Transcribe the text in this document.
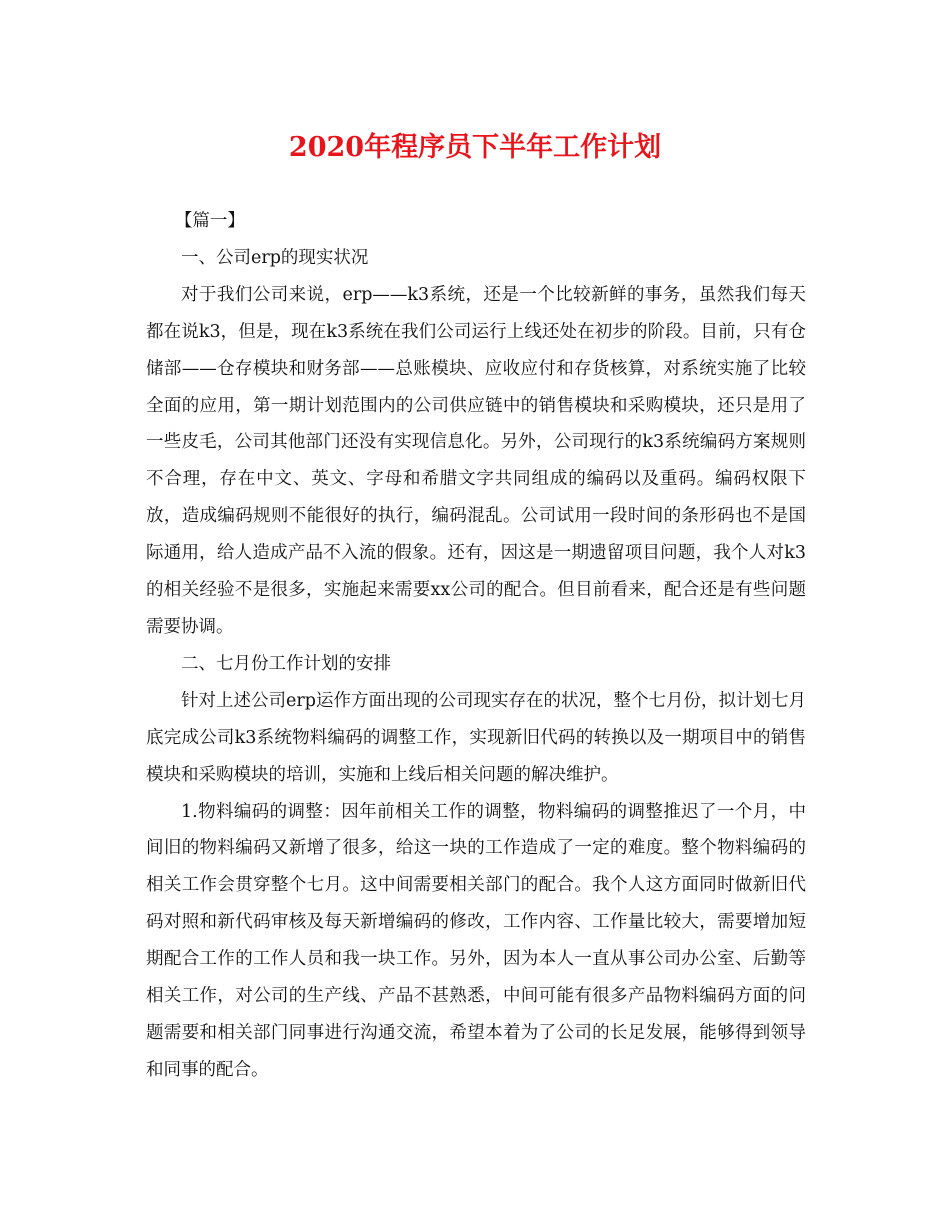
2020年程序员下半年工作计划

【篇一】

一、公司erp的现实状况

对于我们公司来说，erp——k3系统，还是一个比较新鲜的事务，虽然我们每天都在说k3，但是，现在k3系统在我们公司运行上线还处在初步的阶段。目前，只有仓储部——仓存模块和财务部——总账模块、应收应付和存货核算，对系统实施了比较全面的应用，第一期计划范围内的公司供应链中的销售模块和采购模块，还只是用了一些皮毛，公司其他部门还没有实现信息化。另外，公司现行的k3系统编码方案规则不合理，存在中文、英文、字母和希腊文字共同组成的编码以及重码。编码权限下放，造成编码规则不能很好的执行，编码混乱。公司试用一段时间的条形码也不是国际通用，给人造成产品不入流的假象。还有，因这是一期遗留项目问题，我个人对k3的相关经验不是很多，实施起来需要xx公司的配合。但目前看来，配合还是有些问题需要协调。

二、七月份工作计划的安排

针对上述公司erp运作方面出现的公司现实存在的状况，整个七月份，拟计划七月底完成公司k3系统物料编码的调整工作，实现新旧代码的转换以及一期项目中的销售模块和采购模块的培训，实施和上线后相关问题的解决维护。

1.物料编码的调整：因年前相关工作的调整，物料编码的调整推迟了一个月，中间旧的物料编码又新增了很多，给这一块的工作造成了一定的难度。整个物料编码的相关工作会贯穿整个七月。这中间需要相关部门的配合。我个人这方面同时做新旧代码对照和新代码审核及每天新增编码的修改，工作内容、工作量比较大，需要增加短期配合工作的工作人员和我一块工作。另外，因为本人一直从事公司办公室、后勤等相关工作，对公司的生产线、产品不甚熟悉，中间可能有很多产品物料编码方面的问题需要和相关部门同事进行沟通交流，希望本着为了公司的长足发展，能够得到领导和同事的配合。
